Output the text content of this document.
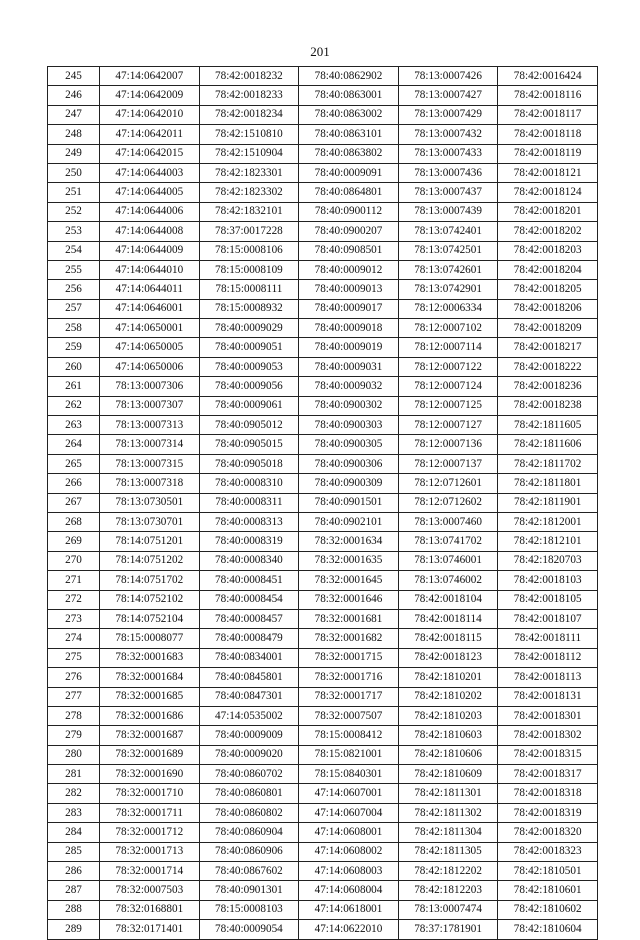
201
245	47:14:0642007	78:42:0018232	78:40:0862902	78:13:0007426	78:42:0016424
246	47:14:0642009	78:42:0018233	78:40:0863001	78:13:0007427	78:42:0018116
247	47:14:0642010	78:42:0018234	78:40:0863002	78:13:0007429	78:42:0018117
248	47:14:0642011	78:42:1510810	78:40:0863101	78:13:0007432	78:42:0018118
249	47:14:0642015	78:42:1510904	78:40:0863802	78:13:0007433	78:42:0018119
250	47:14:0644003	78:42:1823301	78:40:0009091	78:13:0007436	78:42:0018121
251	47:14:0644005	78:42:1823302	78:40:0864801	78:13:0007437	78:42:0018124
252	47:14:0644006	78:42:1832101	78:40:0900112	78:13:0007439	78:42:0018201
253	47:14:0644008	78:37:0017228	78:40:0900207	78:13:0742401	78:42:0018202
254	47:14:0644009	78:15:0008106	78:40:0908501	78:13:0742501	78:42:0018203
255	47:14:0644010	78:15:0008109	78:40:0009012	78:13:0742601	78:42:0018204
256	47:14:0644011	78:15:0008111	78:40:0009013	78:13:0742901	78:42:0018205
257	47:14:0646001	78:15:0008932	78:40:0009017	78:12:0006334	78:42:0018206
258	47:14:0650001	78:40:0009029	78:40:0009018	78:12:0007102	78:42:0018209
259	47:14:0650005	78:40:0009051	78:40:0009019	78:12:0007114	78:42:0018217
260	47:14:0650006	78:40:0009053	78:40:0009031	78:12:0007122	78:42:0018222
261	78:13:0007306	78:40:0009056	78:40:0009032	78:12:0007124	78:42:0018236
262	78:13:0007307	78:40:0009061	78:40:0900302	78:12:0007125	78:42:0018238
263	78:13:0007313	78:40:0905012	78:40:0900303	78:12:0007127	78:42:1811605
264	78:13:0007314	78:40:0905015	78:40:0900305	78:12:0007136	78:42:1811606
265	78:13:0007315	78:40:0905018	78:40:0900306	78:12:0007137	78:42:1811702
266	78:13:0007318	78:40:0008310	78:40:0900309	78:12:0712601	78:42:1811801
267	78:13:0730501	78:40:0008311	78:40:0901501	78:12:0712602	78:42:1811901
268	78:13:0730701	78:40:0008313	78:40:0902101	78:13:0007460	78:42:1812001
269	78:14:0751201	78:40:0008319	78:32:0001634	78:13:0741702	78:42:1812101
270	78:14:0751202	78:40:0008340	78:32:0001635	78:13:0746001	78:42:1820703
271	78:14:0751702	78:40:0008451	78:32:0001645	78:13:0746002	78:42:0018103
272	78:14:0752102	78:40:0008454	78:32:0001646	78:42:0018104	78:42:0018105
273	78:14:0752104	78:40:0008457	78:32:0001681	78:42:0018114	78:42:0018107
274	78:15:0008077	78:40:0008479	78:32:0001682	78:42:0018115	78:42:0018111
275	78:32:0001683	78:40:0834001	78:32:0001715	78:42:0018123	78:42:0018112
276	78:32:0001684	78:40:0845801	78:32:0001716	78:42:1810201	78:42:0018113
277	78:32:0001685	78:40:0847301	78:32:0001717	78:42:1810202	78:42:0018131
278	78:32:0001686	47:14:0535002	78:32:0007507	78:42:1810203	78:42:0018301
279	78:32:0001687	78:40:0009009	78:15:0008412	78:42:1810603	78:42:0018302
280	78:32:0001689	78:40:0009020	78:15:0821001	78:42:1810606	78:42:0018315
281	78:32:0001690	78:40:0860702	78:15:0840301	78:42:1810609	78:42:0018317
282	78:32:0001710	78:40:0860801	47:14:0607001	78:42:1811301	78:42:0018318
283	78:32:0001711	78:40:0860802	47:14:0607004	78:42:1811302	78:42:0018319
284	78:32:0001712	78:40:0860904	47:14:0608001	78:42:1811304	78:42:0018320
285	78:32:0001713	78:40:0860906	47:14:0608002	78:42:1811305	78:42:0018323
286	78:32:0001714	78:40:0867602	47:14:0608003	78:42:1812202	78:42:1810501
287	78:32:0007503	78:40:0901301	47:14:0608004	78:42:1812203	78:42:1810601
288	78:32:0168801	78:15:0008103	47:14:0618001	78:13:0007474	78:42:1810602
289	78:32:0171401	78:40:0009054	47:14:0622010	78:37:1781901	78:42:1810604
